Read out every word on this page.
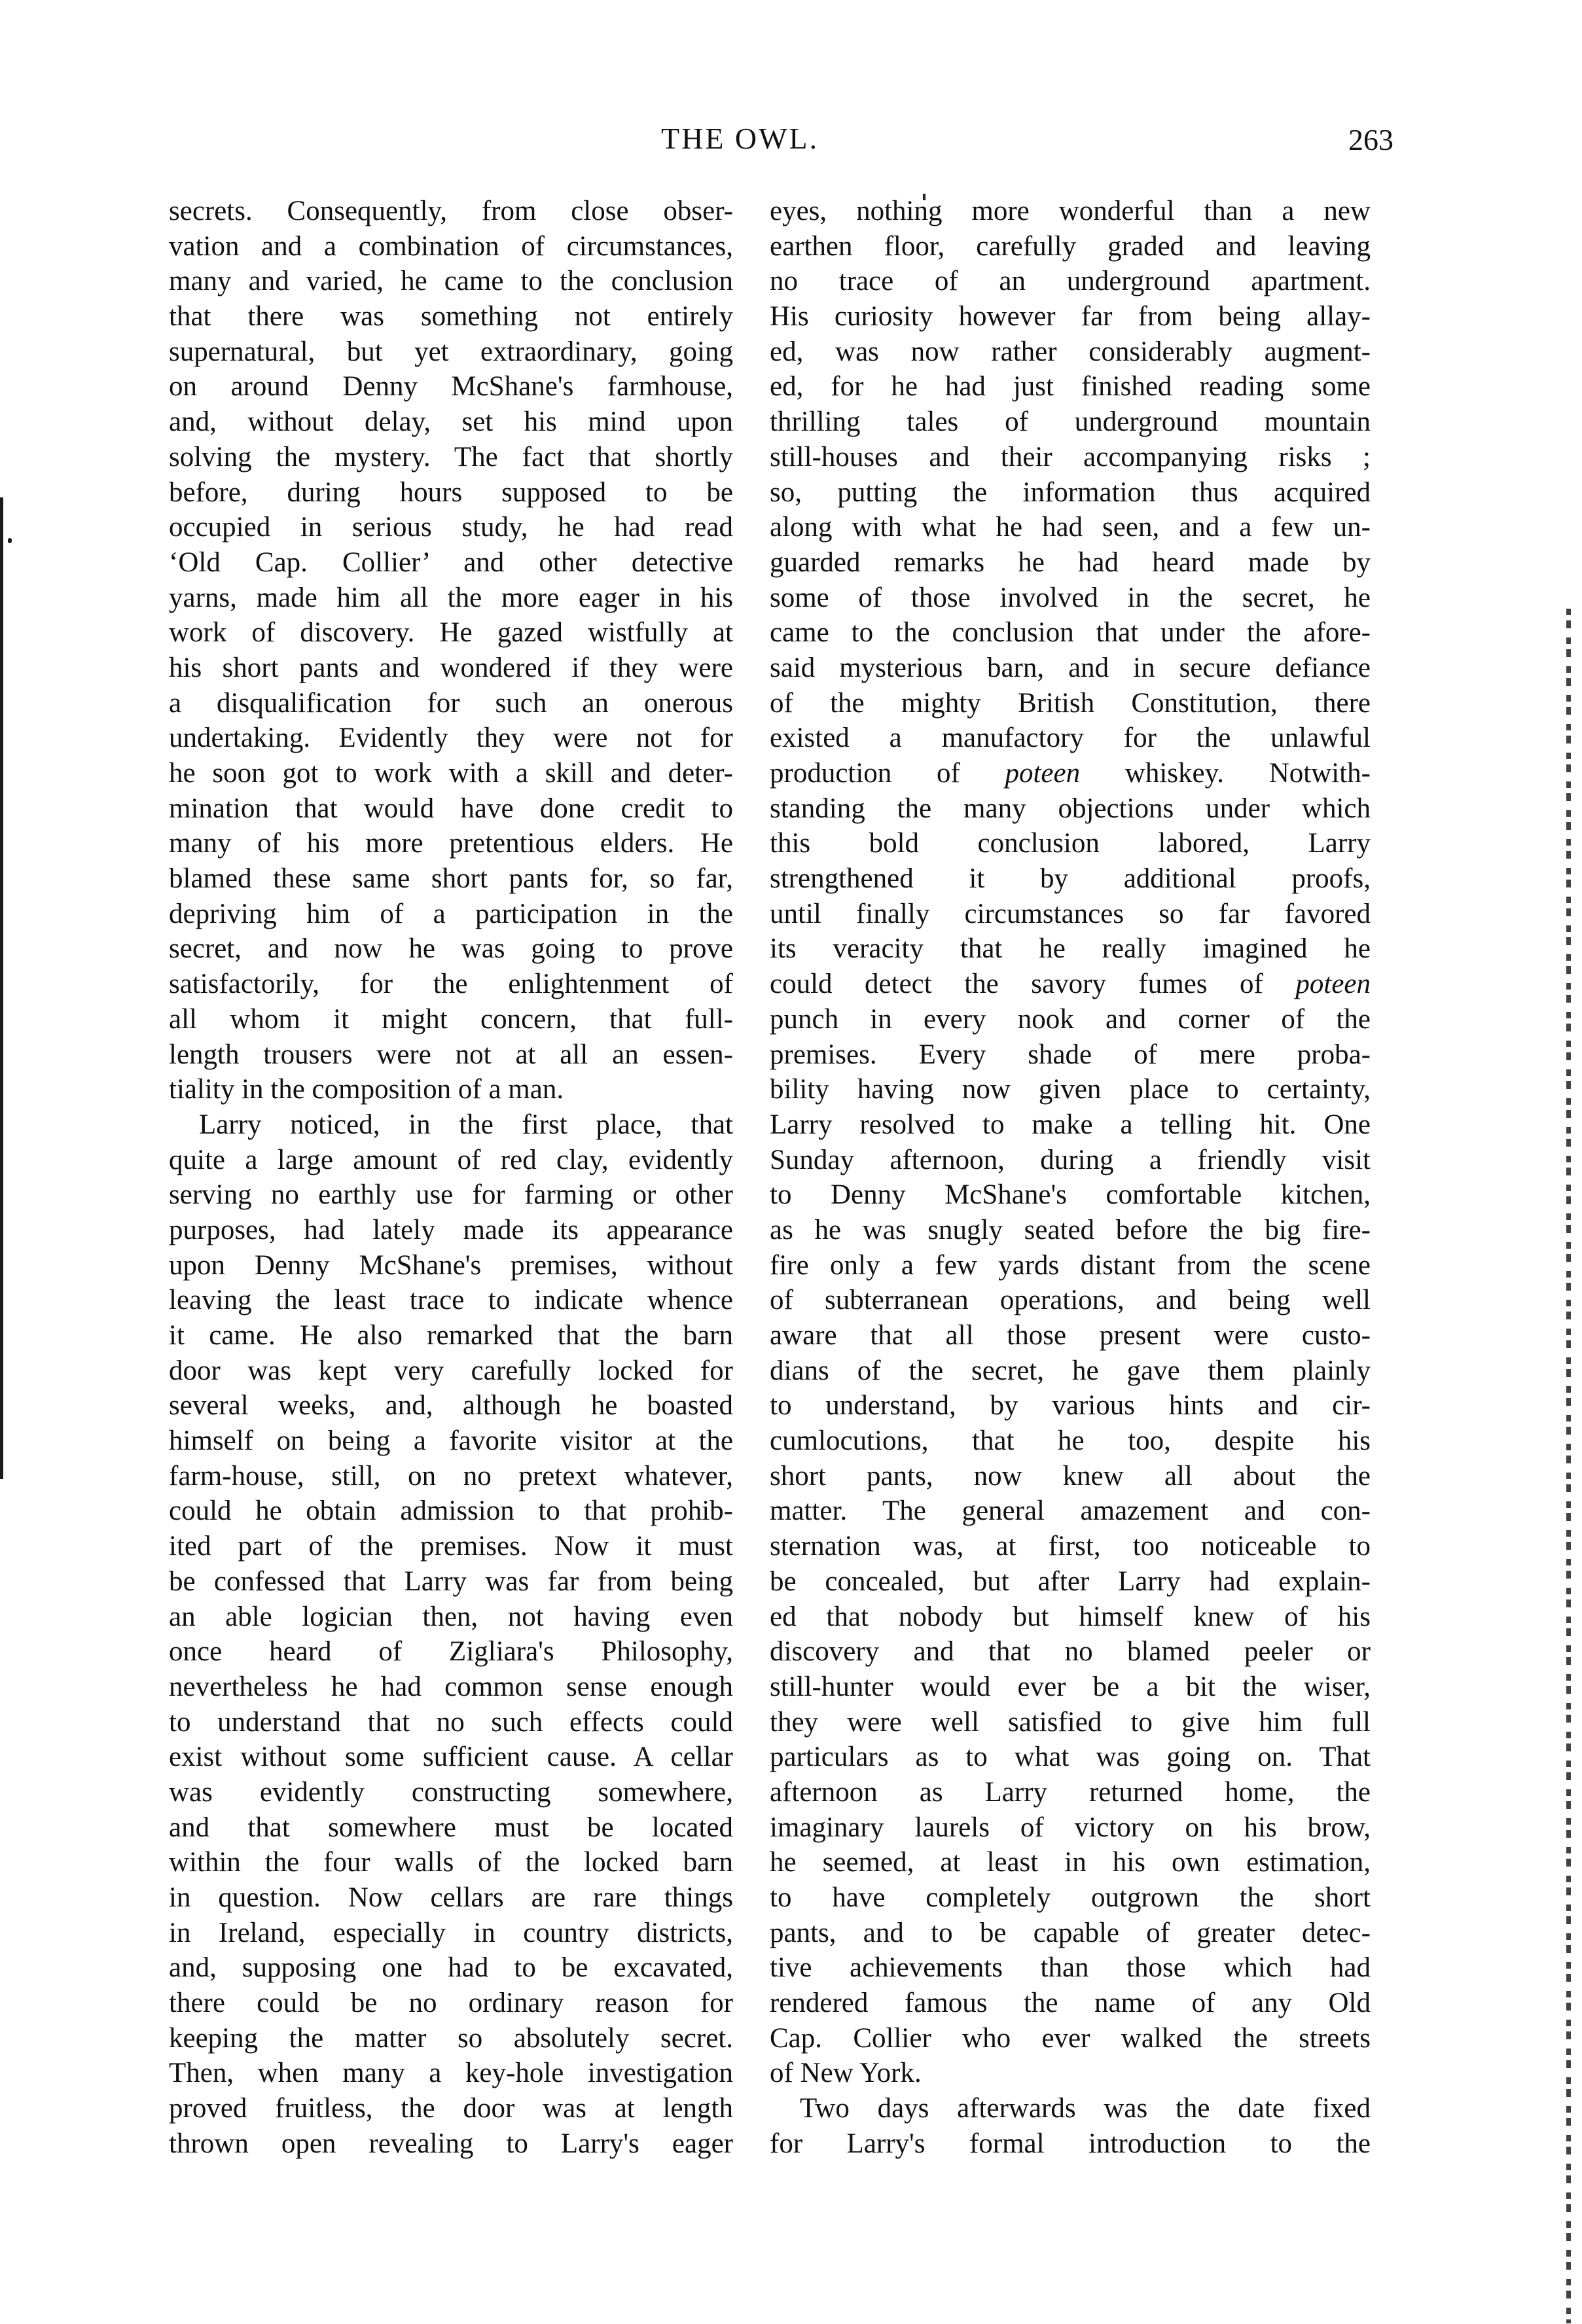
THE OWL.	263
secrets. Consequently, from close obser-
vation and a combination of circumstances,
many and varied, he came to the conclusion
that there was something not entirely
supernatural, but yet extraordinary, going
on around Denny McShane's farmhouse,
and, without delay, set his mind upon
solving the mystery. The fact that shortly
before, during hours supposed to be
occupied in serious study, he had read
‘Old Cap. Collier’ and other detective
yarns, made him all the more eager in his
work of discovery. He gazed wistfully at
his short pants and wondered if they were
a disqualification for such an onerous
undertaking. Evidently they were not for
he soon got to work with a skill and deter-
mination that would have done credit to
many of his more pretentious elders. He
blamed these same short pants for, so far,
depriving him of a participation in the
secret, and now he was going to prove
satisfactorily, for the enlightenment of
all whom it might concern, that full-
length trousers were not at all an essen-
tiality in the composition of a man.
Larry noticed, in the first place, that
quite a large amount of red clay, evidently
serving no earthly use for farming or other
purposes, had lately made its appearance
upon Denny McShane's premises, without
leaving the least trace to indicate whence
it came. He also remarked that the barn
door was kept very carefully locked for
several weeks, and, although he boasted
himself on being a favorite visitor at the
farm-house, still, on no pretext whatever,
could he obtain admission to that prohib-
ited part of the premises. Now it must
be confessed that Larry was far from being
an able logician then, not having even
once heard of Zigliara's Philosophy,
nevertheless he had common sense enough
to understand that no such effects could
exist without some sufficient cause. A cellar
was evidently constructing somewhere,
and that somewhere must be located
within the four walls of the locked barn
in question. Now cellars are rare things
in Ireland, especially in country districts,
and, supposing one had to be excavated,
there could be no ordinary reason for
keeping the matter so absolutely secret.
Then, when many a key-hole investigation
proved fruitless, the door was at length
thrown open revealing to Larry's eager
eyes, nothing more wonderful than a new
earthen floor, carefully graded and leaving
no trace of an underground apartment.
His curiosity however far from being allay-
ed, was now rather considerably augment-
ed, for he had just finished reading some
thrilling tales of underground mountain
still-houses and their accompanying risks ;
so, putting the information thus acquired
along with what he had seen, and a few un-
guarded remarks he had heard made by
some of those involved in the secret, he
came to the conclusion that under the afore-
said mysterious barn, and in secure defiance
of the mighty British Constitution, there
existed a manufactory for the unlawful
production of poteen whiskey. Notwith-
standing the many objections under which
this bold conclusion labored, Larry
strengthened it by additional proofs,
until finally circumstances so far favored
its veracity that he really imagined he
could detect the savory fumes of poteen
punch in every nook and corner of the
premises. Every shade of mere proba-
bility having now given place to certainty,
Larry resolved to make a telling hit. One
Sunday afternoon, during a friendly visit
to Denny McShane's comfortable kitchen,
as he was snugly seated before the big fire-
fire only a few yards distant from the scene
of subterranean operations, and being well
aware that all those present were custo-
dians of the secret, he gave them plainly
to understand, by various hints and cir-
cumlocutions, that he too, despite his
short pants, now knew all about the
matter. The general amazement and con-
sternation was, at first, too noticeable to
be concealed, but after Larry had explain-
ed that nobody but himself knew of his
discovery and that no blamed peeler or
still-hunter would ever be a bit the wiser,
they were well satisfied to give him full
particulars as to what was going on. That
afternoon as Larry returned home, the
imaginary laurels of victory on his brow,
he seemed, at least in his own estimation,
to have completely outgrown the short
pants, and to be capable of greater detec-
tive achievements than those which had
rendered famous the name of any Old
Cap. Collier who ever walked the streets
of New York.
Two days afterwards was the date fixed
for Larry's formal introduction to the
